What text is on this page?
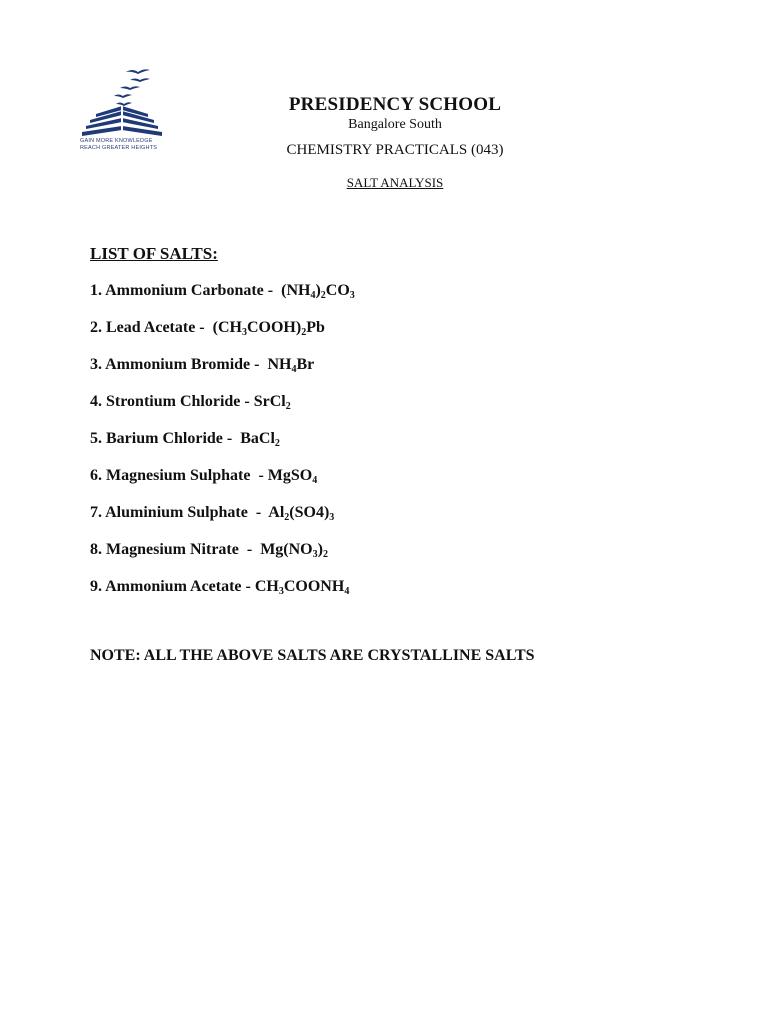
GAIN MORE KNOWLEDGE
REACH GREATER HEIGHTS
PRESIDENCY SCHOOL
Bangalore South
CHEMISTRY PRACTICALS (043)
SALT ANALYSIS
LIST OF SALTS:
1. Ammonium Carbonate -  $(NH_4)_2CO_3$
2. Lead Acetate -  $(CH_3COOH)_2Pb$
3. Ammonium Bromide -  $NH_4Br$
4. Strontium Chloride - SrCl$_2$
5. Barium Chloride -  BaCl$_2$
6. Magnesium Sulphate  - MgSO$_4$
7. Aluminium Sulphate  -  $Al_2(SO4)_3$
8. Magnesium Nitrate  -  $Mg(NO_3)_2$
9. Ammonium Acetate - $CH_3COONH_4$
NOTE: ALL THE ABOVE SALTS ARE CRYSTALLINE SALTS
